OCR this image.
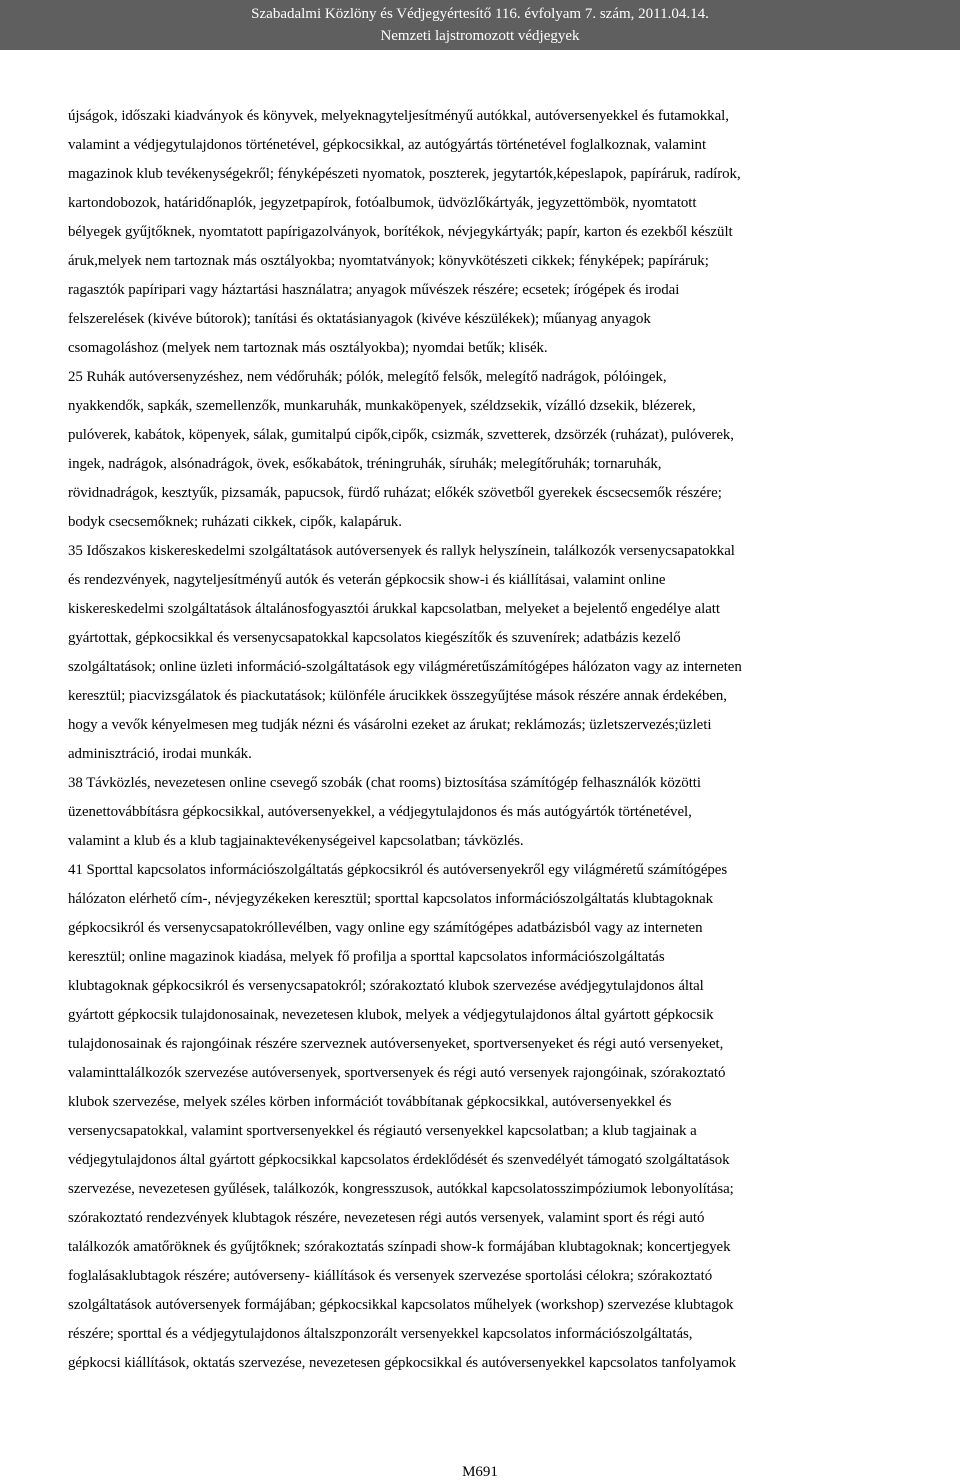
Szabadalmi Közlöny és Védjegyértesítő 116. évfolyam 7. szám, 2011.04.14.
Nemzeti lajstromozott védjegyek

újságok, időszaki kiadványok és könyvek, melyeknagyteljesítményű autókkal, autóversenyekkel és futamokkal,

valamint a védjegytulajdonos történetével, gépkocsikkal, az autógyártás történetével foglalkoznak, valamint

magazinok klub tevékenységekről; fényképészeti nyomatok, poszterek, jegytartók,képeslapok, papíráruk, radírok,

kartondobozok, határidőnaplók, jegyzetpapírok, fotóalbumok, üdvözlőkártyák, jegyzettömbök, nyomtatott

bélyegek gyűjtőknek, nyomtatott papírigazolványok, borítékok, névjegykártyák; papír, karton és ezekből készült

áruk,melyek nem tartoznak más osztályokba; nyomtatványok; könyvkötészeti cikkek; fényképek; papíráruk;

ragasztók papíripari vagy háztartási használatra; anyagok művészek részére; ecsetek; írógépek és irodai

felszerelések (kivéve bútorok); tanítási és oktatásianyagok (kivéve készülékek); műanyag anyagok

csomagoláshoz (melyek nem tartoznak más osztályokba); nyomdai betűk; klisék.

25 Ruhák autóversenyzéshez, nem védőruhák; pólók, melegítő felsők, melegítő nadrágok, pólóingek,

nyakkendők, sapkák, szemellenzők, munkaruhák, munkaköpenyek, széldzsekik, vízálló dzsekik, blézerek,

pulóverek, kabátok, köpenyek, sálak, gumitalpú cipők,cipők, csizmák, szvetterek, dzsörzék (ruházat), pulóverek,

ingek, nadrágok, alsónadrágok, övek, esőkabátok, tréningruhák, síruhák; melegítőruhák; tornaruhák,

rövidnadrágok, kesztyűk, pizsamák, papucsok, fürdő ruházat; előkék szövetből gyerekek éscsecsemők részére;

bodyk csecsemőknek; ruházati cikkek, cipők, kalapáruk.

35 Időszakos kiskereskedelmi szolgáltatások autóversenyek és rallyk helyszínein, találkozók versenycsapatokkal

és rendezvények, nagyteljesítményű autók és veterán gépkocsik show-i és kiállításai, valamint online

kiskereskedelmi szolgáltatások általánosfogyasztói árukkal kapcsolatban, melyeket a bejelentő engedélye alatt

gyártottak, gépkocsikkal és versenycsapatokkal kapcsolatos kiegészítők és szuvenírek; adatbázis kezelő

szolgáltatások; online üzleti információ-szolgáltatások egy világméretűszámítógépes hálózaton vagy az interneten

keresztül; piacvizsgálatok és piackutatások; különféle árucikkek összegyűjtése mások részére annak érdekében,

hogy a vevők kényelmesen meg tudják nézni és vásárolni ezeket az árukat; reklámozás; üzletszervezés;üzleti

adminisztráció, irodai munkák.

38 Távközlés, nevezetesen online csevegő szobák (chat rooms) biztosítása számítógép felhasználók közötti

üzenettovábbításra gépkocsikkal, autóversenyekkel, a védjegytulajdonos és más autógyártók történetével,

valamint a klub és a klub tagjainaktevékenységeivel kapcsolatban; távközlés.

41 Sporttal kapcsolatos információszolgáltatás gépkocsikról és autóversenyekről egy világméretű számítógépes

hálózaton elérhető cím-, névjegyzékeken keresztül; sporttal kapcsolatos információszolgáltatás klubtagoknak

gépkocsikról és versenycsapatokróllevélben, vagy online egy számítógépes adatbázisból vagy az interneten

keresztül; online magazinok kiadása, melyek fő profilja a sporttal kapcsolatos információszolgáltatás

klubtagoknak gépkocsikról és versenycsapatokról; szórakoztató klubok szervezése avédjegytulajdonos által

gyártott gépkocsik tulajdonosainak, nevezetesen klubok, melyek a védjegytulajdonos által gyártott gépkocsik

tulajdonosainak és rajongóinak részére szerveznek autóversenyeket, sportversenyeket és régi autó versenyeket,

valaminttalálkozók szervezése autóversenyek, sportversenyek és régi autó versenyek rajongóinak, szórakoztató

klubok szervezése, melyek széles körben információt továbbítanak gépkocsikkal, autóversenyekkel és

versenycsapatokkal, valamint sportversenyekkel és régiautó versenyekkel kapcsolatban; a klub tagjainak a

védjegytulajdonos által gyártott gépkocsikkal kapcsolatos érdeklődését és szenvedélyét támogató szolgáltatások

szervezése, nevezetesen gyűlések, találkozók, kongresszusok, autókkal kapcsolatosszimpóziumok lebonyolítása;

szórakoztató rendezvények klubtagok részére, nevezetesen régi autós versenyek, valamint sport és régi autó

találkozók amatőröknek és gyűjtőknek; szórakoztatás színpadi show-k formájában klubtagoknak; koncertjegyek

foglalásaklubtagok részére; autóverseny- kiállítások és versenyek szervezése sportolási célokra; szórakoztató

szolgáltatások autóversenyek formájában; gépkocsikkal kapcsolatos műhelyek (workshop) szervezése klubtagok

részére; sporttal és a védjegytulajdonos általszponzorált versenyekkel kapcsolatos információszolgáltatás,

gépkocsi kiállítások, oktatás szervezése, nevezetesen gépkocsikkal és autóversenyekkel kapcsolatos tanfolyamok

M691
